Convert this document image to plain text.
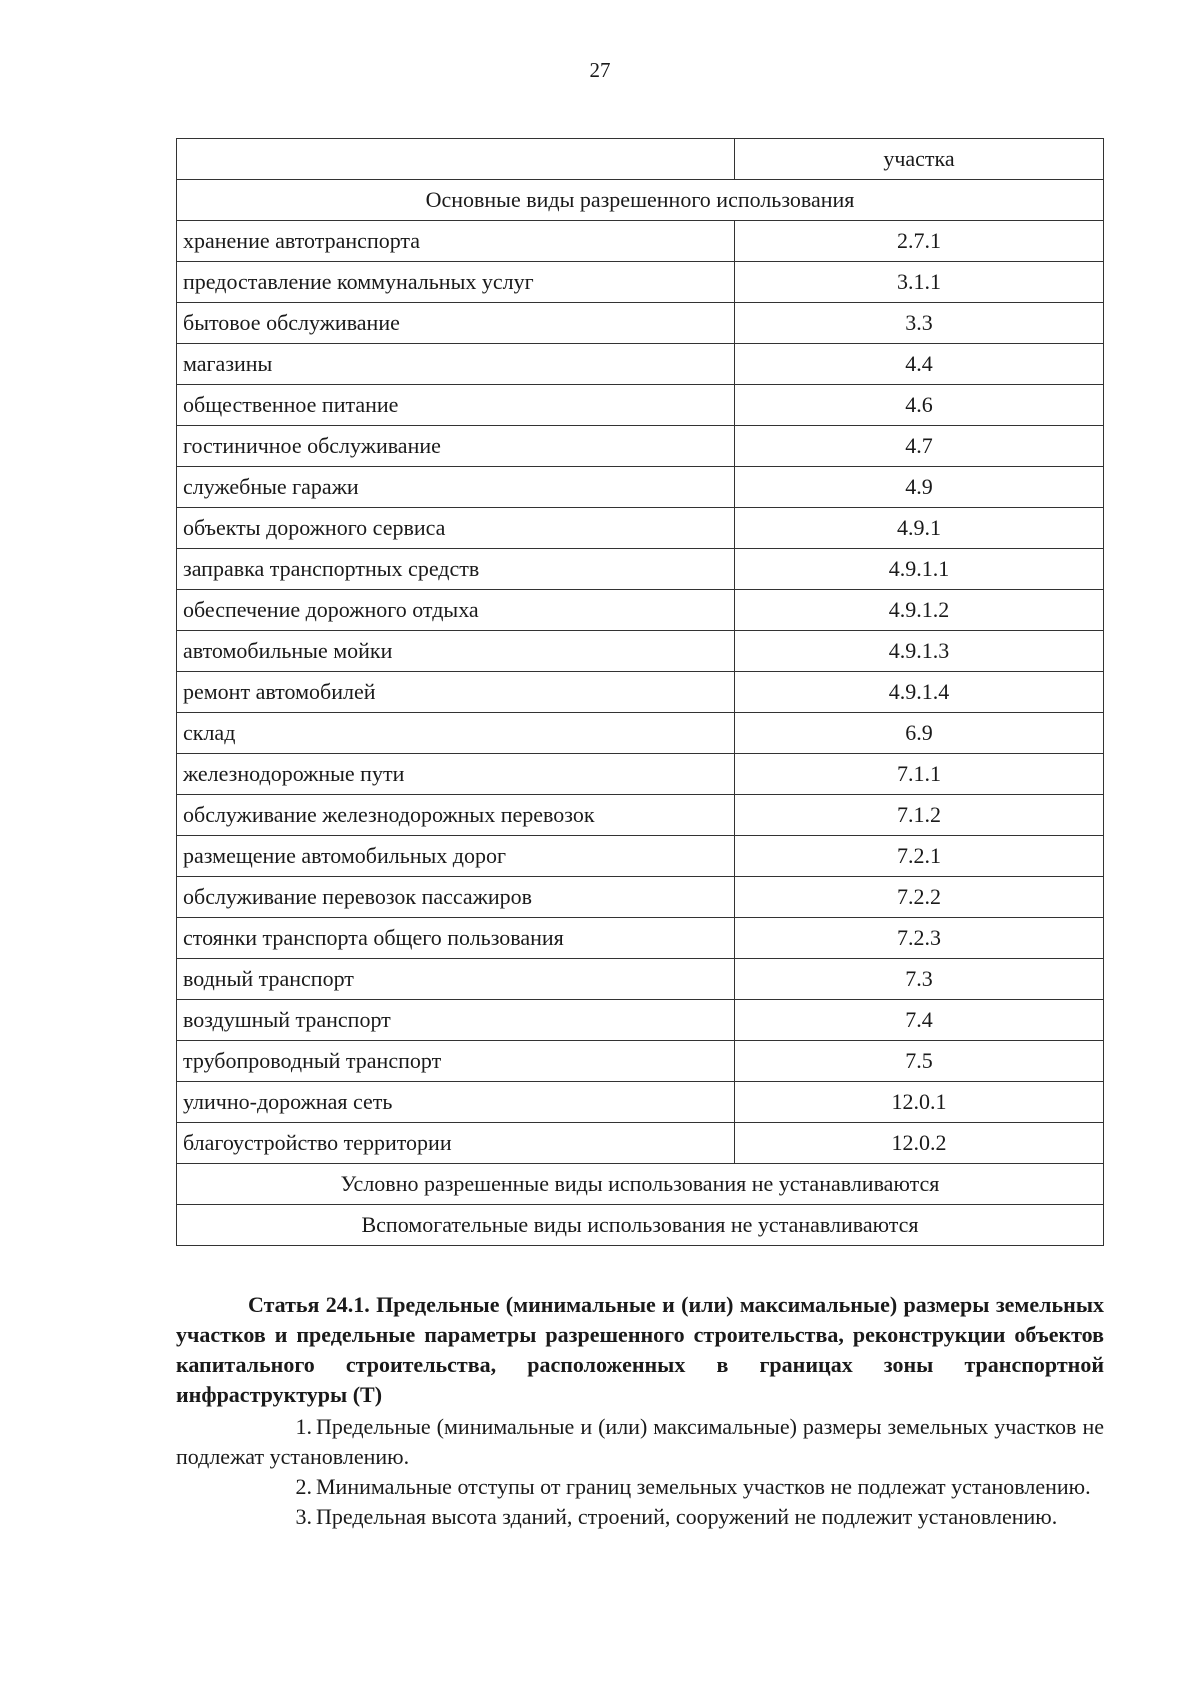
27
	участка
Основные виды разрешенного использования	
хранение автотранспорта	2.7.1
предоставление коммунальных услуг	3.1.1
бытовое обслуживание	3.3
магазины	4.4
общественное питание	4.6
гостиничное обслуживание	4.7
служебные гаражи	4.9
объекты дорожного сервиса	4.9.1
заправка транспортных средств	4.9.1.1
обеспечение дорожного отдыха	4.9.1.2
автомобильные мойки	4.9.1.3
ремонт автомобилей	4.9.1.4
склад	6.9
железнодорожные пути	7.1.1
обслуживание железнодорожных перевозок	7.1.2
размещение автомобильных дорог	7.2.1
обслуживание перевозок пассажиров	7.2.2
стоянки транспорта общего пользования	7.2.3
водный транспорт	7.3
воздушный транспорт	7.4
трубопроводный транспорт	7.5
улично-дорожная сеть	12.0.1
благоустройство территории	12.0.2
Условно разрешенные виды использования не устанавливаются	
Вспомогательные виды использования не устанавливаются	

Статья 24.1. Предельные (минимальные и (или) максимальные) размеры земельных участков и предельные параметры разрешенного строительства, реконструкции объектов капитального строительства, расположенных в границах зоны транспортной инфраструктуры (Т)

1. Предельные (минимальные и (или) максимальные) размеры земельных участков не подлежат установлению.

2. Минимальные отступы от границ земельных участков не подлежат установлению.

3. Предельная высота зданий, строений, сооружений не подлежит установлению.
